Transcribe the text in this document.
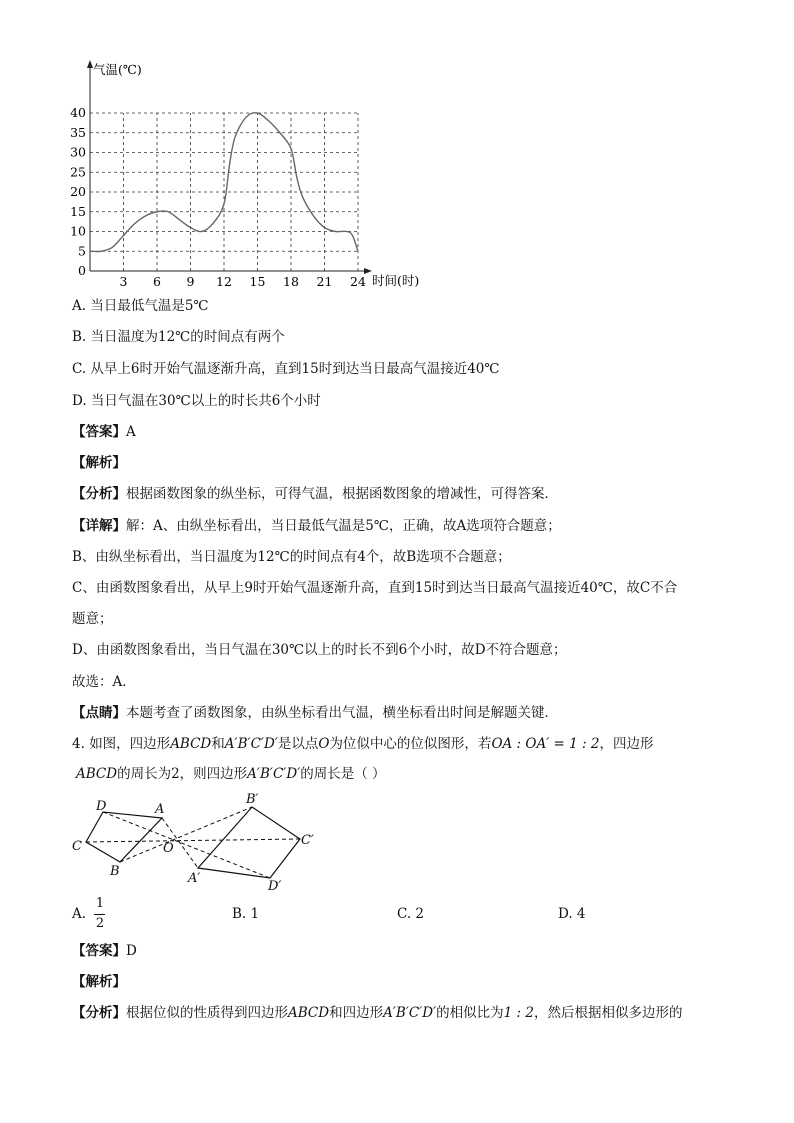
0
5
10
15
20
25
30
35
40
3 6 9 12 15 18 21 24
气温(℃)
时间(时)
A. 当日最低气温是5℃
B. 当日温度为12℃的时间点有两个
C. 从早上6时开始气温逐渐升高，直到15时到达当日最高气温接近40℃
D. 当日气温在30℃以上的时长共6个小时
【答案】A
【解析】
【分析】根据函数图象的纵坐标，可得气温，根据函数图象的增减性，可得答案．
【详解】解：A、由纵坐标看出，当日最低气温是5℃，正确，故A选项符合题意；
B、由纵坐标看出，当日温度为12℃的时间点有4个，故B选项不合题意；
C、由函数图象看出，从早上9时开始气温逐渐升高，直到15时到达当日最高气温接近40℃，故C不合
题意；
D、由函数图象看出，当日气温在30℃以上的时长不到6个小时，故D不符合题意；
故选：A．
【点睛】本题考查了函数图象，由纵坐标看出气温，横坐标看出时间是解题关键．
4. 如图，四边形ABCD和A′B′C′D′是以点O为位似中心的位似图形，若OA : OA′ = 1 : 2，四边形
ABCD的周长为2，则四边形A′B′C′D′的周长是（ ）
D	A
C
B
O
B′
C′
A′
D′
A.
1
2
B. 1	C. 2	D. 4
【答案】D
【解析】
【分析】根据位似的性质得到四边形ABCD和四边形A′B′C′D′的相似比为1 : 2，然后根据相似多边形的
